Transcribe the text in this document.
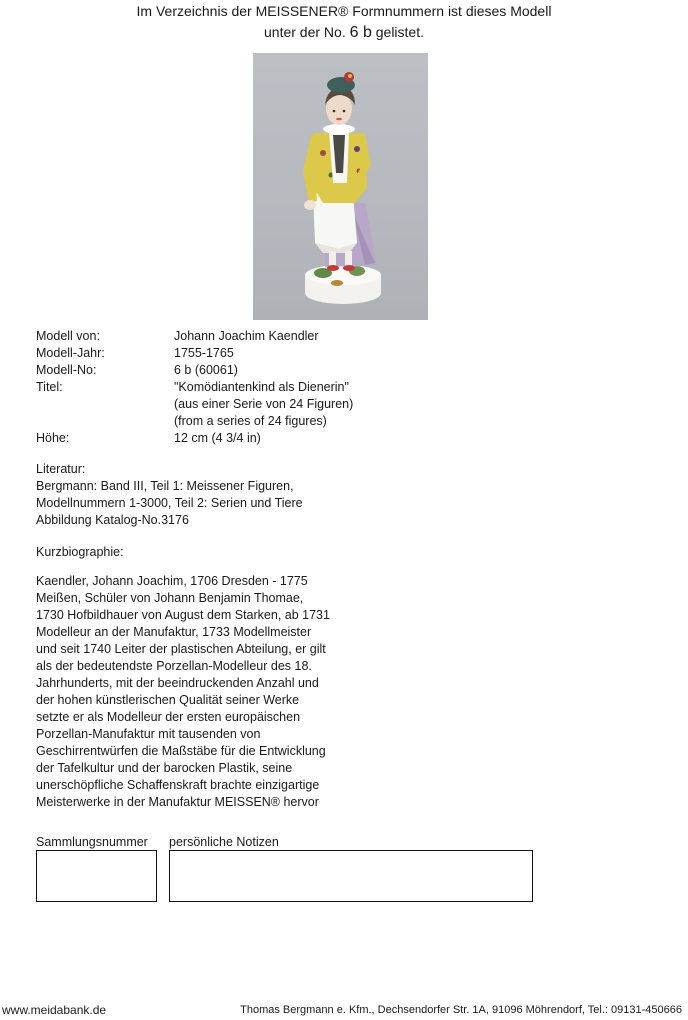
Im Verzeichnis der MEISSENER® Formnummern ist dieses Modell
unter der No. 6 b gelistet.
Modell von:	Johann Joachim Kaendler
Modell-Jahr:	1755-1765
Modell-No:	6 b (60061)
Titel:	"Komödiantenkind als Dienerin"
(aus einer Serie von 24 Figuren)
(from a series of 24 figures)
Höhe:	12 cm (4 3/4 in)
Literatur:
Bergmann: Band III, Teil 1: Meissener Figuren,
Modellnummern 1-3000, Teil 2: Serien und Tiere
Abbildung Katalog-No.3176
Kurzbiographie:
Kaendler, Johann Joachim, 1706 Dresden - 1775
Meißen, Schüler von Johann Benjamin Thomae,
1730 Hofbildhauer von August dem Starken, ab 1731
Modelleur an der Manufaktur, 1733 Modellmeister
und seit 1740 Leiter der plastischen Abteilung, er gilt
als der bedeutendste Porzellan-Modelleur des 18.
Jahrhunderts, mit der beeindruckenden Anzahl und
der hohen künstlerischen Qualität seiner Werke
setzte er als Modelleur der ersten europäischen
Porzellan-Manufaktur mit tausenden von
Geschirrentwürfen die Maßstäbe für die Entwicklung
der Tafelkultur und der barocken Plastik, seine
unerschöpfliche Schaffenskraft brachte einzigartige
Meisterwerke in der Manufaktur MEISSEN® hervor
Sammlungsnummer persönliche Notizen
www.meidabank.de	Thomas Bergmann e. Kfm., Dechsendorfer Str. 1A, 91096 Möhrendorf, Tel.: 09131-450666
